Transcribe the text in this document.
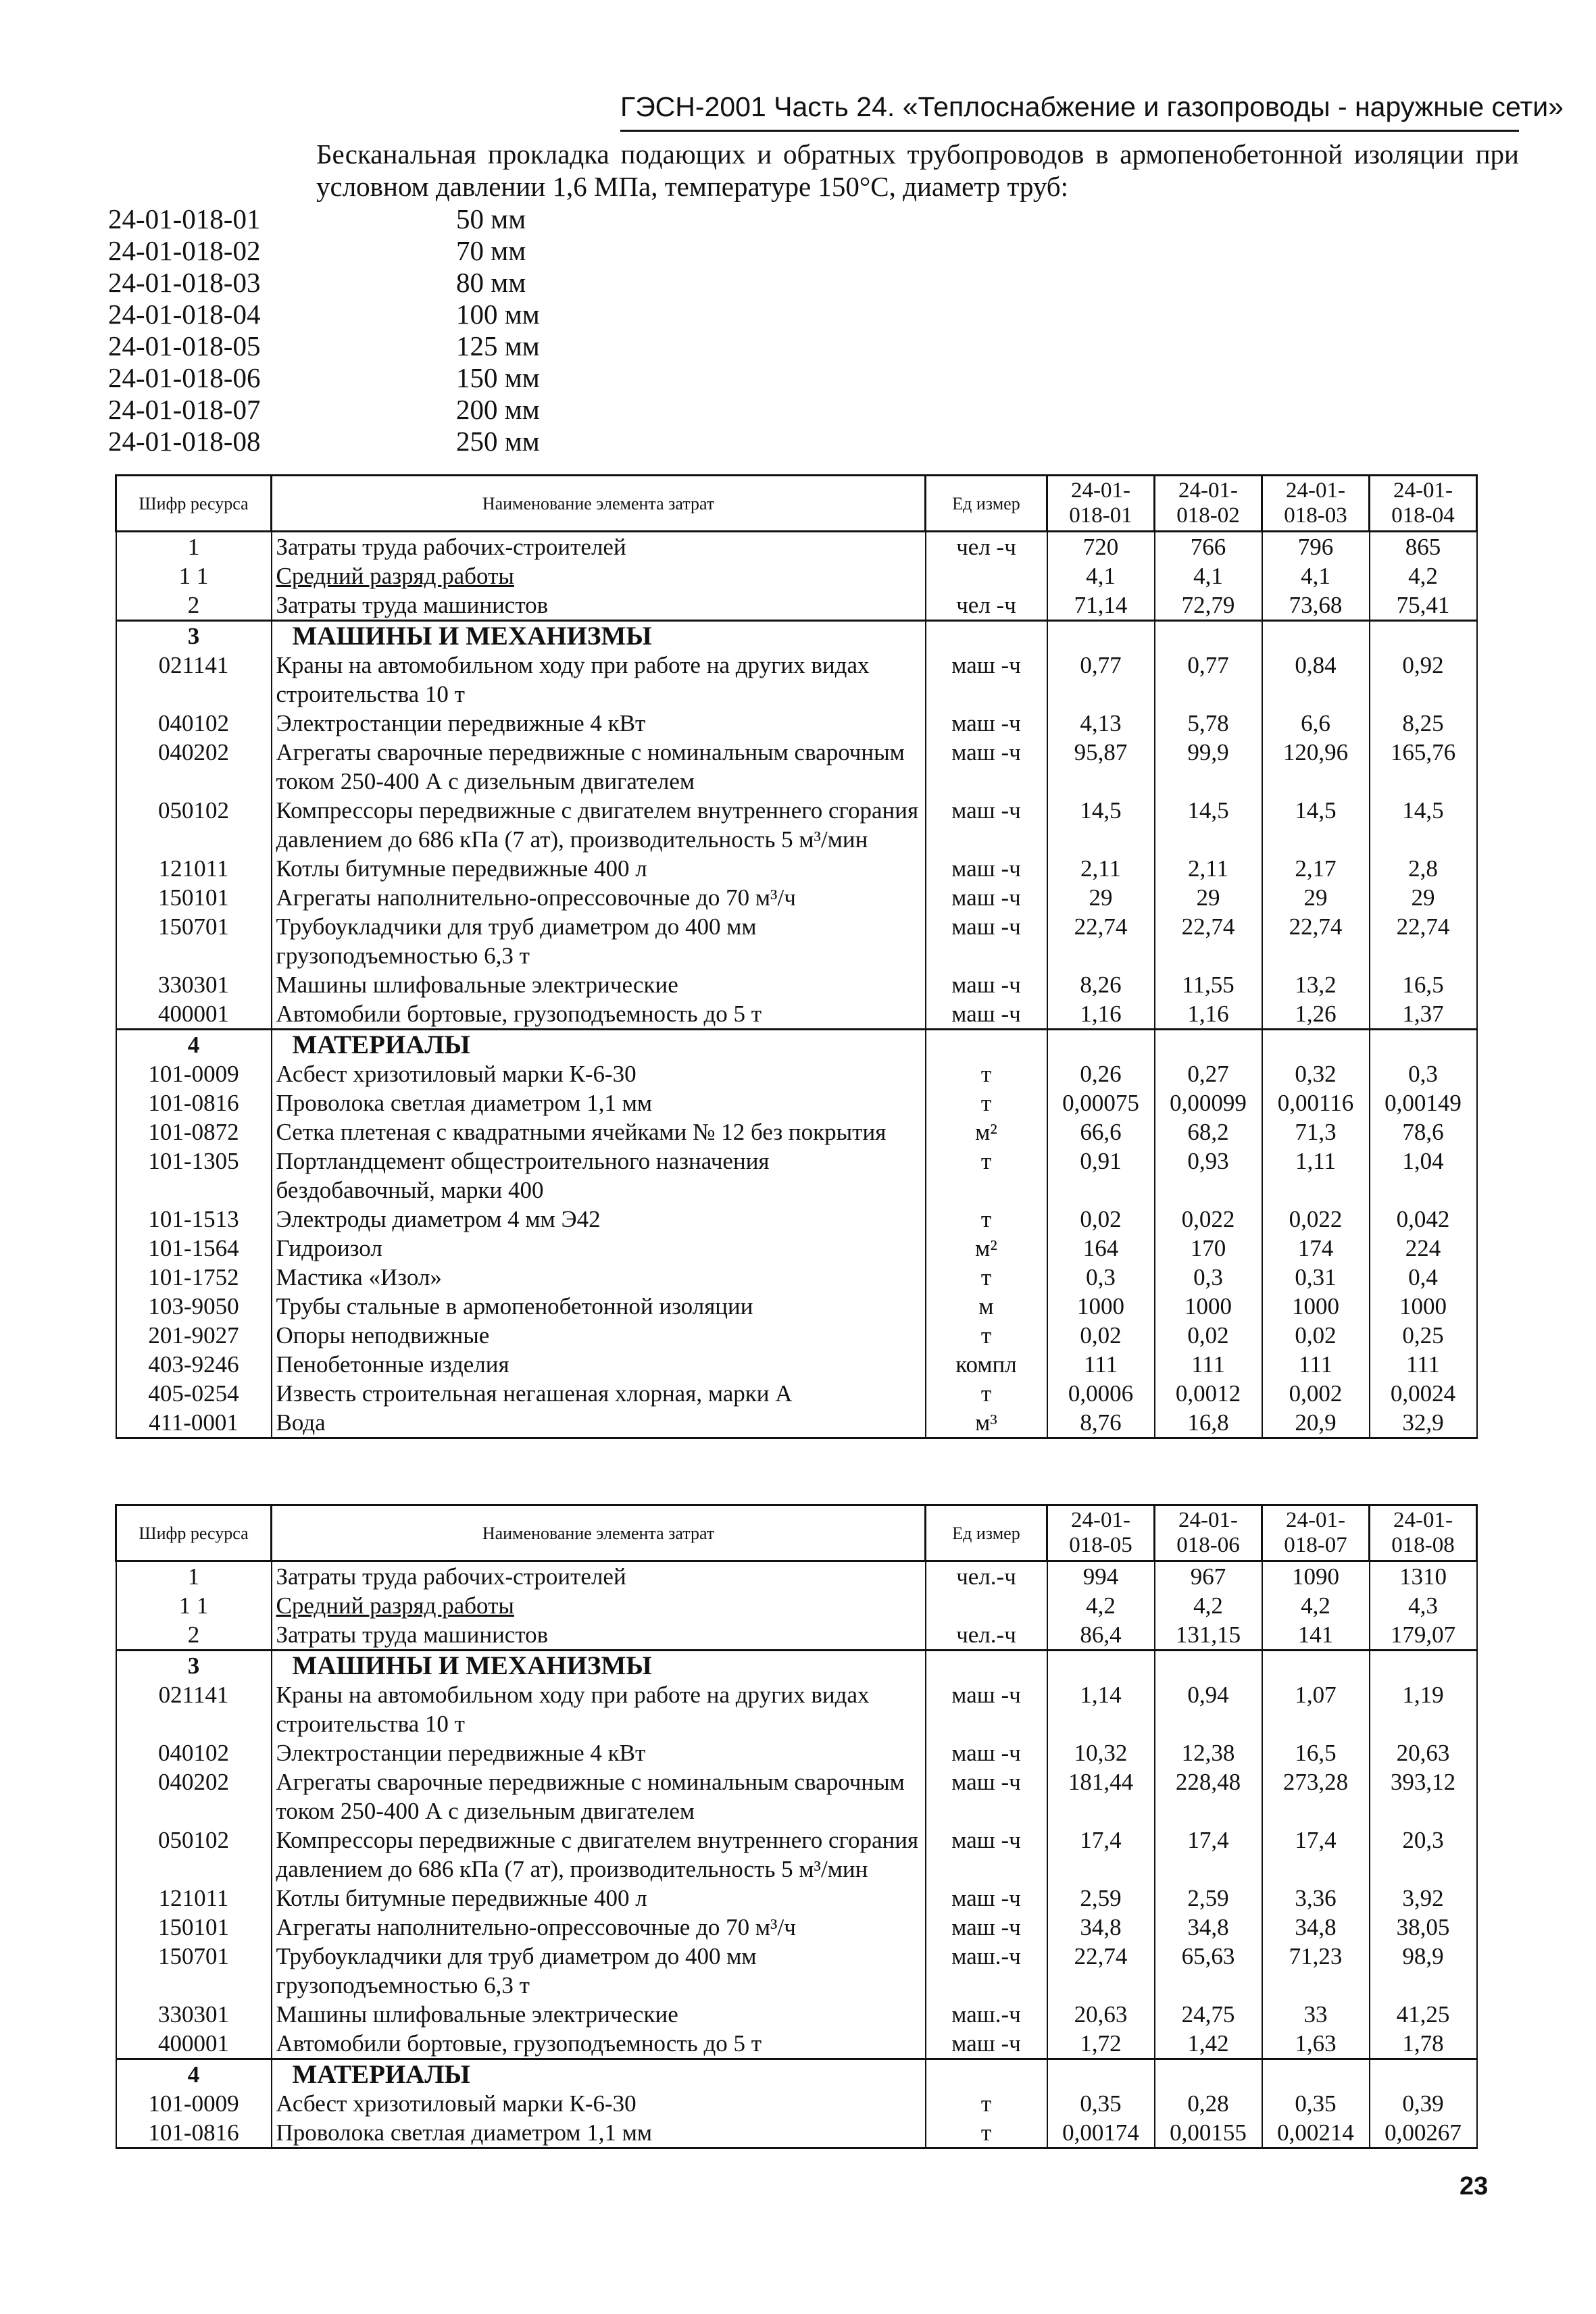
ГЭСН-2001 Часть 24. «Теплоснабжение и газопроводы - наружные сети»
Бесканальная прокладка подающих и обратных трубопроводов в армопенобетонной изоляции при условном давлении 1,6 МПа, температуре 150°С, диаметр труб:
24-01-018-01	50 мм
24-01-018-02	70 мм
24-01-018-03	80 мм
24-01-018-04	100 мм
24-01-018-05	125 мм
24-01-018-06	150 мм
24-01-018-07	200 мм
24-01-018-08	250 мм
Шифр ресурса	Наименование элемента затрат	Ед измер	24-01-018-01	24-01-018-02	24-01-018-03	24-01-018-04
1	Затраты труда рабочих-строителей	чел -ч	720	766	796	865
1 1	Средний разряд работы		4,1	4,1	4,1	4,2
2	Затраты труда машинистов	чел -ч	71,14	72,79	73,68	75,41
3	МАШИНЫ И МЕХАНИЗМЫ					
021141	Краны на автомобильном ходу при работе на других видах строительства 10 т	маш -ч	0,77	0,77	0,84	0,92
040102	Электростанции передвижные 4 кВт	маш -ч	4,13	5,78	6,6	8,25
040202	Агрегаты сварочные передвижные с номинальным сварочным током 250-400 А с дизельным двигателем	маш -ч	95,87	99,9	120,96	165,76
050102	Компрессоры передвижные с двигателем внутреннего сгорания давлением до 686 кПа (7 ат), производительность 5 м³/мин	маш -ч	14,5	14,5	14,5	14,5
121011	Котлы битумные передвижные 400 л	маш -ч	2,11	2,11	2,17	2,8
150101	Агрегаты наполнительно-опрессовочные до 70 м³/ч	маш -ч	29	29	29	29
150701	Трубоукладчики для труб диаметром до 400 мм грузоподъемностью 6,3 т	маш -ч	22,74	22,74	22,74	22,74
330301	Машины шлифовальные электрические	маш -ч	8,26	11,55	13,2	16,5
400001	Автомобили бортовые, грузоподъемность до 5 т	маш -ч	1,16	1,16	1,26	1,37
4	МАТЕРИАЛЫ					
101-0009	Асбест хризотиловый марки К-6-30	т	0,26	0,27	0,32	0,3
101-0816	Проволока светлая диаметром 1,1 мм	т	0,00075	0,00099	0,00116	0,00149
101-0872	Сетка плетеная с квадратными ячейками № 12 без покрытия	м²	66,6	68,2	71,3	78,6
101-1305	Портландцемент общестроительного назначения бездобавочный, марки 400	т	0,91	0,93	1,11	1,04
101-1513	Электроды диаметром 4 мм Э42	т	0,02	0,022	0,022	0,042
101-1564	Гидроизол	м²	164	170	174	224
101-1752	Мастика «Изол»	т	0,3	0,3	0,31	0,4
103-9050	Трубы стальные в армопенобетонной изоляции	м	1000	1000	1000	1000
201-9027	Опоры неподвижные	т	0,02	0,02	0,02	0,25
403-9246	Пенобетонные изделия	компл	111	111	111	111
405-0254	Известь строительная негашеная хлорная, марки А	т	0,0006	0,0012	0,002	0,0024
411-0001	Вода	м³	8,76	16,8	20,9	32,9
Шифр ресурса	Наименование элемента затрат	Ед измер	24-01-018-05	24-01-018-06	24-01-018-07	24-01-018-08
1	Затраты труда рабочих-строителей	чел.-ч	994	967	1090	1310
1 1	Средний разряд работы		4,2	4,2	4,2	4,3
2	Затраты труда машинистов	чел.-ч	86,4	131,15	141	179,07
3	МАШИНЫ И МЕХАНИЗМЫ					
021141	Краны на автомобильном ходу при работе на других видах строительства 10 т	маш -ч	1,14	0,94	1,07	1,19
040102	Электростанции передвижные 4 кВт	маш -ч	10,32	12,38	16,5	20,63
040202	Агрегаты сварочные передвижные с номинальным сварочным током 250-400 А с дизельным двигателем	маш -ч	181,44	228,48	273,28	393,12
050102	Компрессоры передвижные с двигателем внутреннего сгорания давлением до 686 кПа (7 ат), производительность 5 м³/мин	маш -ч	17,4	17,4	17,4	20,3
121011	Котлы битумные передвижные 400 л	маш -ч	2,59	2,59	3,36	3,92
150101	Агрегаты наполнительно-опрессовочные до 70 м³/ч	маш -ч	34,8	34,8	34,8	38,05
150701	Трубоукладчики для труб диаметром до 400 мм грузоподъемностью 6,3 т	маш.-ч	22,74	65,63	71,23	98,9
330301	Машины шлифовальные электрические	маш.-ч	20,63	24,75	33	41,25
400001	Автомобили бортовые, грузоподъемность до 5 т	маш -ч	1,72	1,42	1,63	1,78
4	МАТЕРИАЛЫ					
101-0009	Асбест хризотиловый марки К-6-30	т	0,35	0,28	0,35	0,39
101-0816	Проволока светлая диаметром 1,1 мм	т	0,00174	0,00155	0,00214	0,00267
23
